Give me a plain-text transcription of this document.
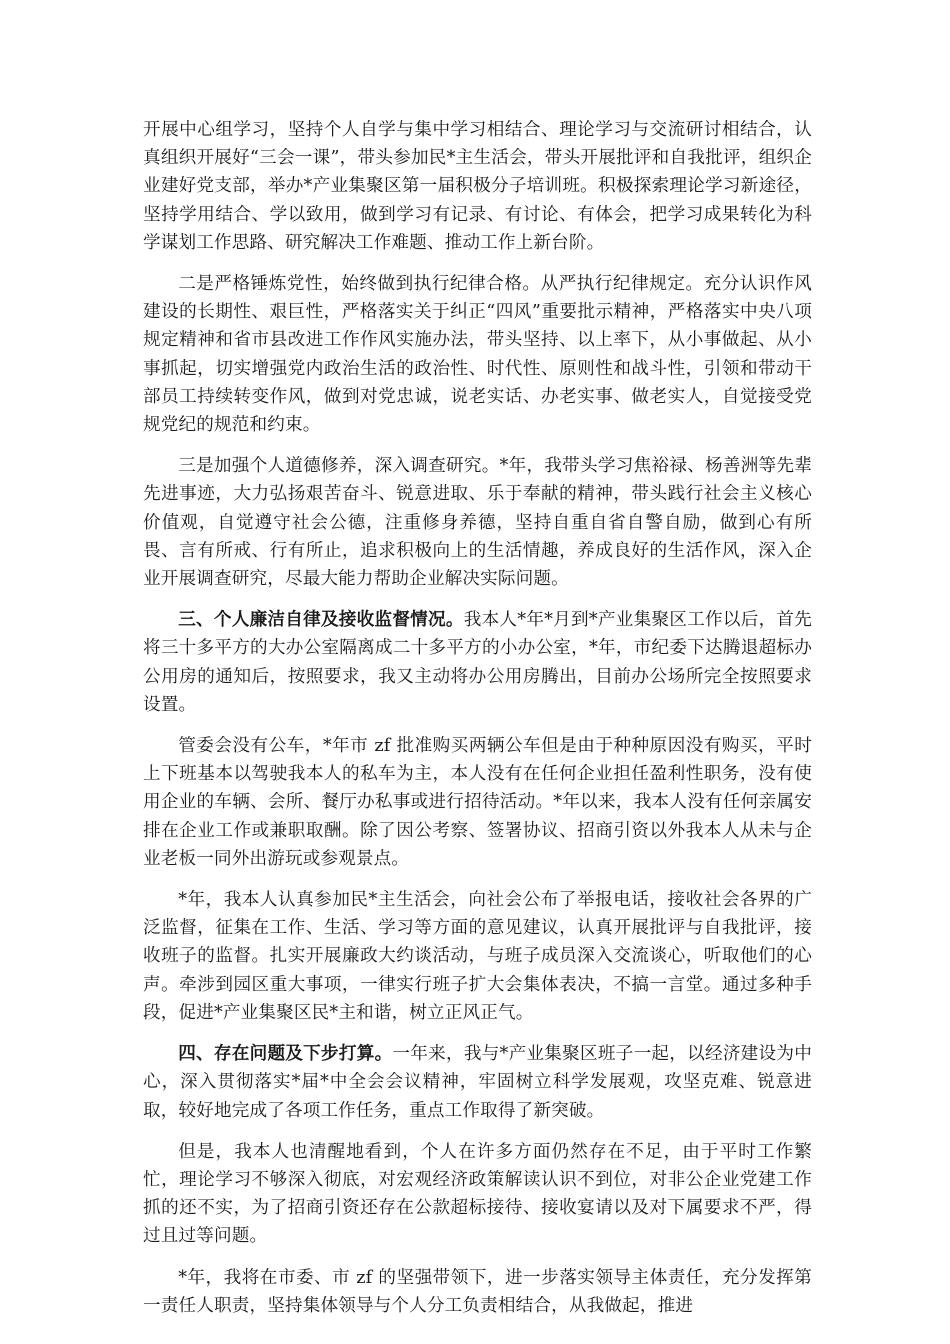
开展中心组学习，坚持个人自学与集中学习相结合、理论学习与交流研讨相结合，认真组织开展好“三会一课”，带头参加民*主生活会，带头开展批评和自我批评，组织企业建好党支部，举办*产业集聚区第一届积极分子培训班。积极探索理论学习新途径，坚持学用结合、学以致用，做到学习有记录、有讨论、有体会，把学习成果转化为科学谋划工作思路、研究解决工作难题、推动工作上新台阶。

二是严格锤炼党性，始终做到执行纪律合格。从严执行纪律规定。充分认识作风建设的长期性、艰巨性，严格落实关于纠正“四风”重要批示精神，严格落实中央八项规定精神和省市县改进工作作风实施办法，带头坚持、以上率下，从小事做起、从小事抓起，切实增强党内政治生活的政治性、时代性、原则性和战斗性，引领和带动干部员工持续转变作风，做到对党忠诚，说老实话、办老实事、做老实人，自觉接受党规党纪的规范和约束。

三是加强个人道德修养，深入调查研究。*年，我带头学习焦裕禄、杨善洲等先辈先进事迹，大力弘扬艰苦奋斗、锐意进取、乐于奉献的精神，带头践行社会主义核心价值观，自觉遵守社会公德，注重修身养德，坚持自重自省自警自励，做到心有所畏、言有所戒、行有所止，追求积极向上的生活情趣，养成良好的生活作风，深入企业开展调查研究，尽最大能力帮助企业解决实际问题。

三、个人廉洁自律及接收监督情况。我本人*年*月到*产业集聚区工作以后，首先将三十多平方的大办公室隔离成二十多平方的小办公室，*年，市纪委下达腾退超标办公用房的通知后，按照要求，我又主动将办公用房腾出，目前办公场所完全按照要求设置。

管委会没有公车，*年市 zf 批准购买两辆公车但是由于种种原因没有购买，平时上下班基本以驾驶我本人的私车为主，本人没有在任何企业担任盈利性职务，没有使用企业的车辆、会所、餐厅办私事或进行招待活动。*年以来，我本人没有任何亲属安排在企业工作或兼职取酬。除了因公考察、签署协议、招商引资以外我本人从未与企业老板一同外出游玩或参观景点。

*年，我本人认真参加民*主生活会，向社会公布了举报电话，接收社会各界的广泛监督，征集在工作、生活、学习等方面的意见建议，认真开展批评与自我批评，接收班子的监督。扎实开展廉政大约谈活动，与班子成员深入交流谈心，听取他们的心声。牵涉到园区重大事项，一律实行班子扩大会集体表决，不搞一言堂。通过多种手段，促进*产业集聚区民*主和谐，树立正风正气。

四、存在问题及下步打算。一年来，我与*产业集聚区班子一起，以经济建设为中心，深入贯彻落实*届*中全会会议精神，牢固树立科学发展观，攻坚克难、锐意进取，较好地完成了各项工作任务，重点工作取得了新突破。

但是，我本人也清醒地看到，个人在许多方面仍然存在不足，由于平时工作繁忙，理论学习不够深入彻底，对宏观经济政策解读认识不到位，对非公企业党建工作抓的还不实，为了招商引资还存在公款超标接待、接收宴请以及对下属要求不严，得过且过等问题。

*年，我将在市委、市 zf 的坚强带领下，进一步落实领导主体责任，充分发挥第一责任人职责，坚持集体领导与个人分工负责相结合，从我做起，推进
